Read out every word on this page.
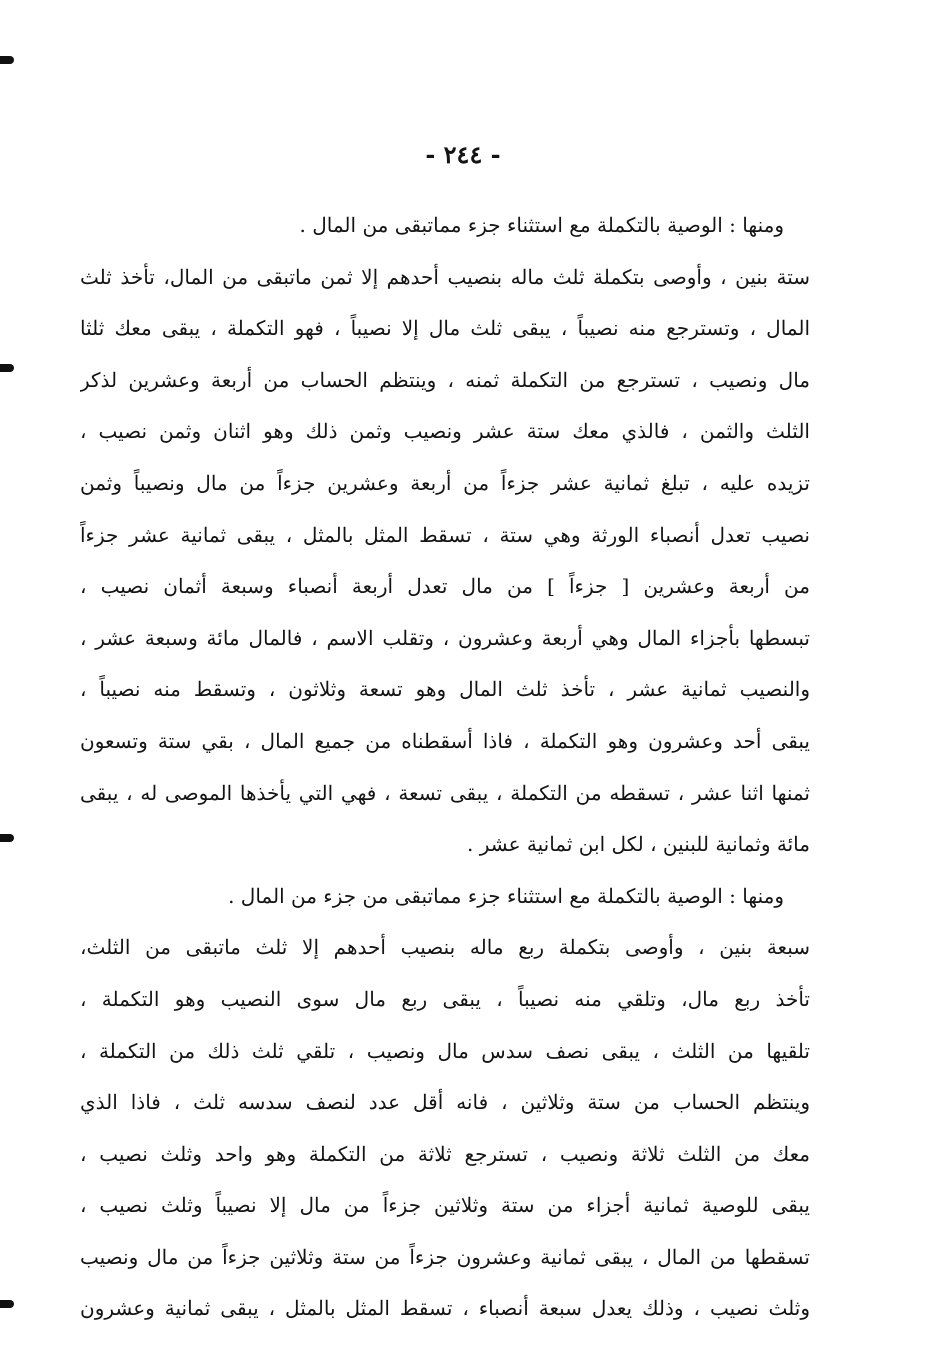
- ٢٤٤ -
ومنها : الوصية بالتكملة مع استثناء جزء مماتبقى من المال .
ستة بنين ، وأوصى بتكملة ثلث ماله بنصيب أحدهم إلا ثمن ماتبقى من المال، تأخذ ثلث
المال ، وتسترجع منه نصيباً ، يبقى ثلث مال إلا نصيباً ، فهو التكملة ، يبقى معك ثلثا
مال ونصيب ، تسترجع من التكملة ثمنه ، وينتظم الحساب من أربعة وعشرين لذكر
الثلث والثمن ، فالذي معك ستة عشر ونصيب وثمن ذلك وهو اثنان وثمن نصيب ،
تزيده عليه ، تبلغ ثمانية عشر جزءاً من أربعة وعشرين جزءاً من مال ونصيباً وثمن
نصيب تعدل أنصباء الورثة وهي ستة ، تسقط المثل بالمثل ، يبقى ثمانية عشر جزءاً
من أربعة وعشرين [ جزءاً ] من مال تعدل أربعة أنصباء وسبعة أثمان نصيب ،
تبسطها بأجزاء المال وهي أربعة وعشرون ، وتقلب الاسم ، فالمال مائة وسبعة عشر ،
والنصيب ثمانية عشر ، تأخذ ثلث المال وهو تسعة وثلاثون ، وتسقط منه نصيباً ،
يبقى أحد وعشرون وهو التكملة ، فاذا أسقطناه من جميع المال ، بقي ستة وتسعون
ثمنها اثنا عشر ، تسقطه من التكملة ، يبقى تسعة ، فهي التي يأخذها الموصى له ، يبقى
مائة وثمانية للبنين ، لكل ابن ثمانية عشر .
ومنها : الوصية بالتكملة مع استثناء جزء مماتبقى من جزء من المال .
سبعة بنين ، وأوصى بتكملة ربع ماله بنصيب أحدهم إلا ثلث ماتبقى من الثلث،
تأخذ ربع مال، وتلقي منه نصيباً ، يبقى ربع مال سوى النصيب وهو التكملة ،
تلقيها من الثلث ، يبقى نصف سدس مال ونصيب ، تلقي ثلث ذلك من التكملة ،
وينتظم الحساب من ستة وثلاثين ، فانه أقل عدد لنصف سدسه ثلث ، فاذا الذي
معك من الثلث ثلاثة ونصيب ، تسترجع ثلاثة من التكملة وهو واحد وثلث نصيب ،
يبقى للوصية ثمانية أجزاء من ستة وثلاثين جزءاً من مال إلا نصيباً وثلث نصيب ،
تسقطها من المال ، يبقى ثمانية وعشرون جزءاً من ستة وثلاثين جزءاً من مال ونصيب
وثلث نصيب ، وذلك يعدل سبعة أنصباء ، تسقط المثل بالمثل ، يبقى ثمانية وعشرون
